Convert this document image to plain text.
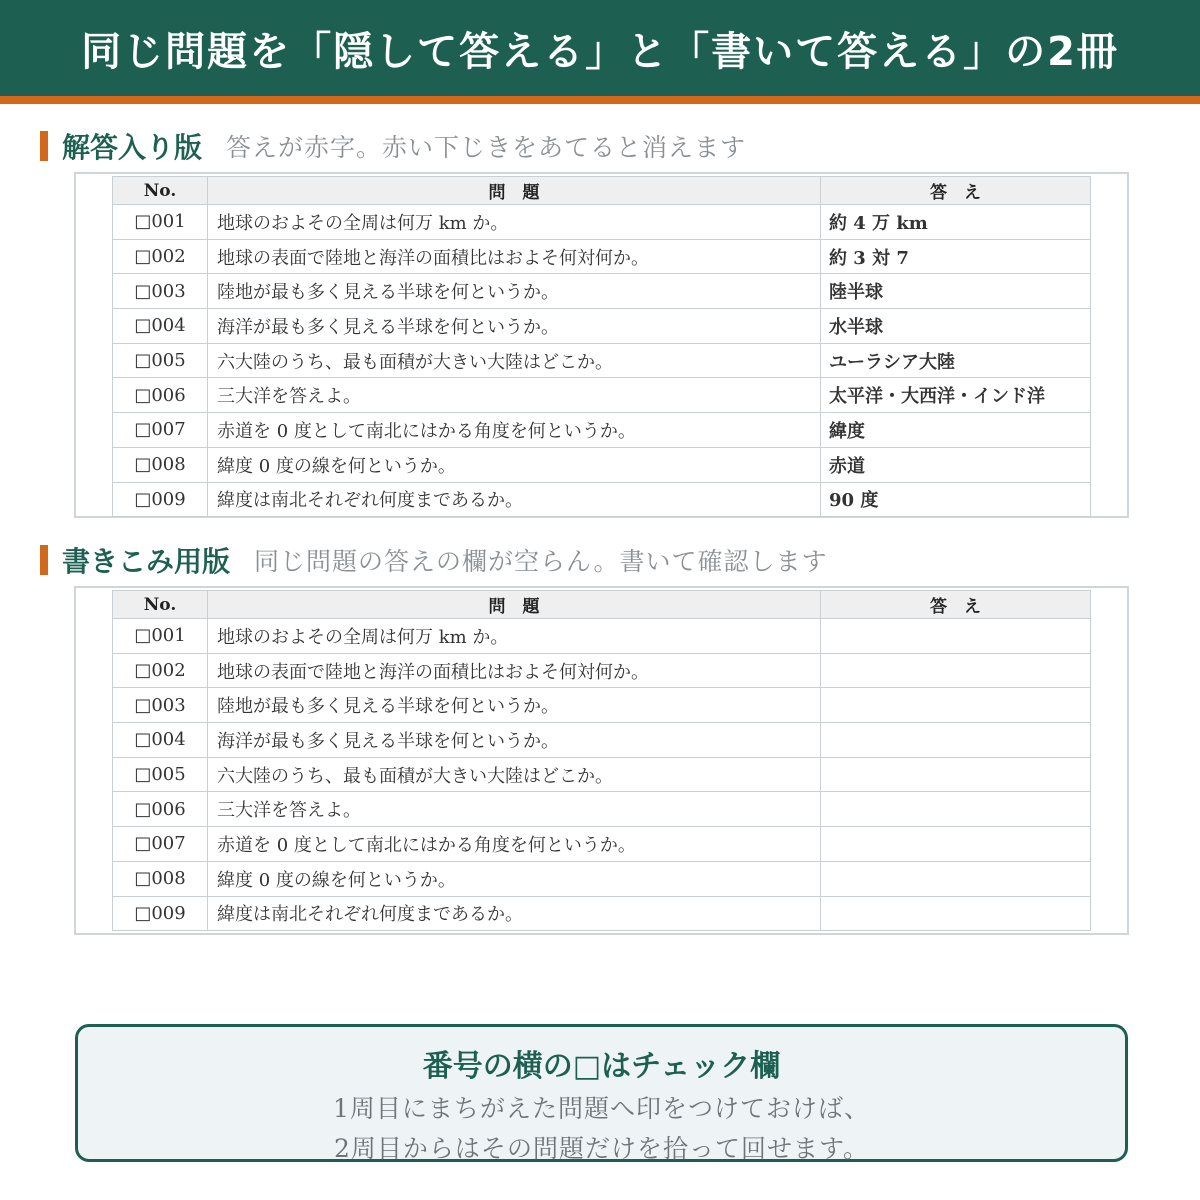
同じ問題を「隠して答える」と「書いて答える」の2冊
解答入り版 答えが赤字。赤い下じきをあてると消えます
No.	問　題	答　え
□001	地球のおよその全周は何万 km か。	約 4 万 km
□002	地球の表面で陸地と海洋の面積比はおよそ何対何か。	約 3 対 7
□003	陸地が最も多く見える半球を何というか。	陸半球
□004	海洋が最も多く見える半球を何というか。	水半球
□005	六大陸のうち、最も面積が大きい大陸はどこか。	ユーラシア大陸
□006	三大洋を答えよ。	太平洋・大西洋・インド洋
□007	赤道を 0 度として南北にはかる角度を何というか。	緯度
□008	緯度 0 度の線を何というか。	赤道
□009	緯度は南北それぞれ何度まであるか。	90 度
書きこみ用版 同じ問題の答えの欄が空らん。書いて確認します
No.	問　題	答　え
□001	地球のおよその全周は何万 km か。	
□002	地球の表面で陸地と海洋の面積比はおよそ何対何か。	
□003	陸地が最も多く見える半球を何というか。	
□004	海洋が最も多く見える半球を何というか。	
□005	六大陸のうち、最も面積が大きい大陸はどこか。	
□006	三大洋を答えよ。	
□007	赤道を 0 度として南北にはかる角度を何というか。	
□008	緯度 0 度の線を何というか。	
□009	緯度は南北それぞれ何度まであるか。	
番号の横の□はチェック欄
1周目にまちがえた問題へ印をつけておけば、
2周目からはその問題だけを拾って回せます。
